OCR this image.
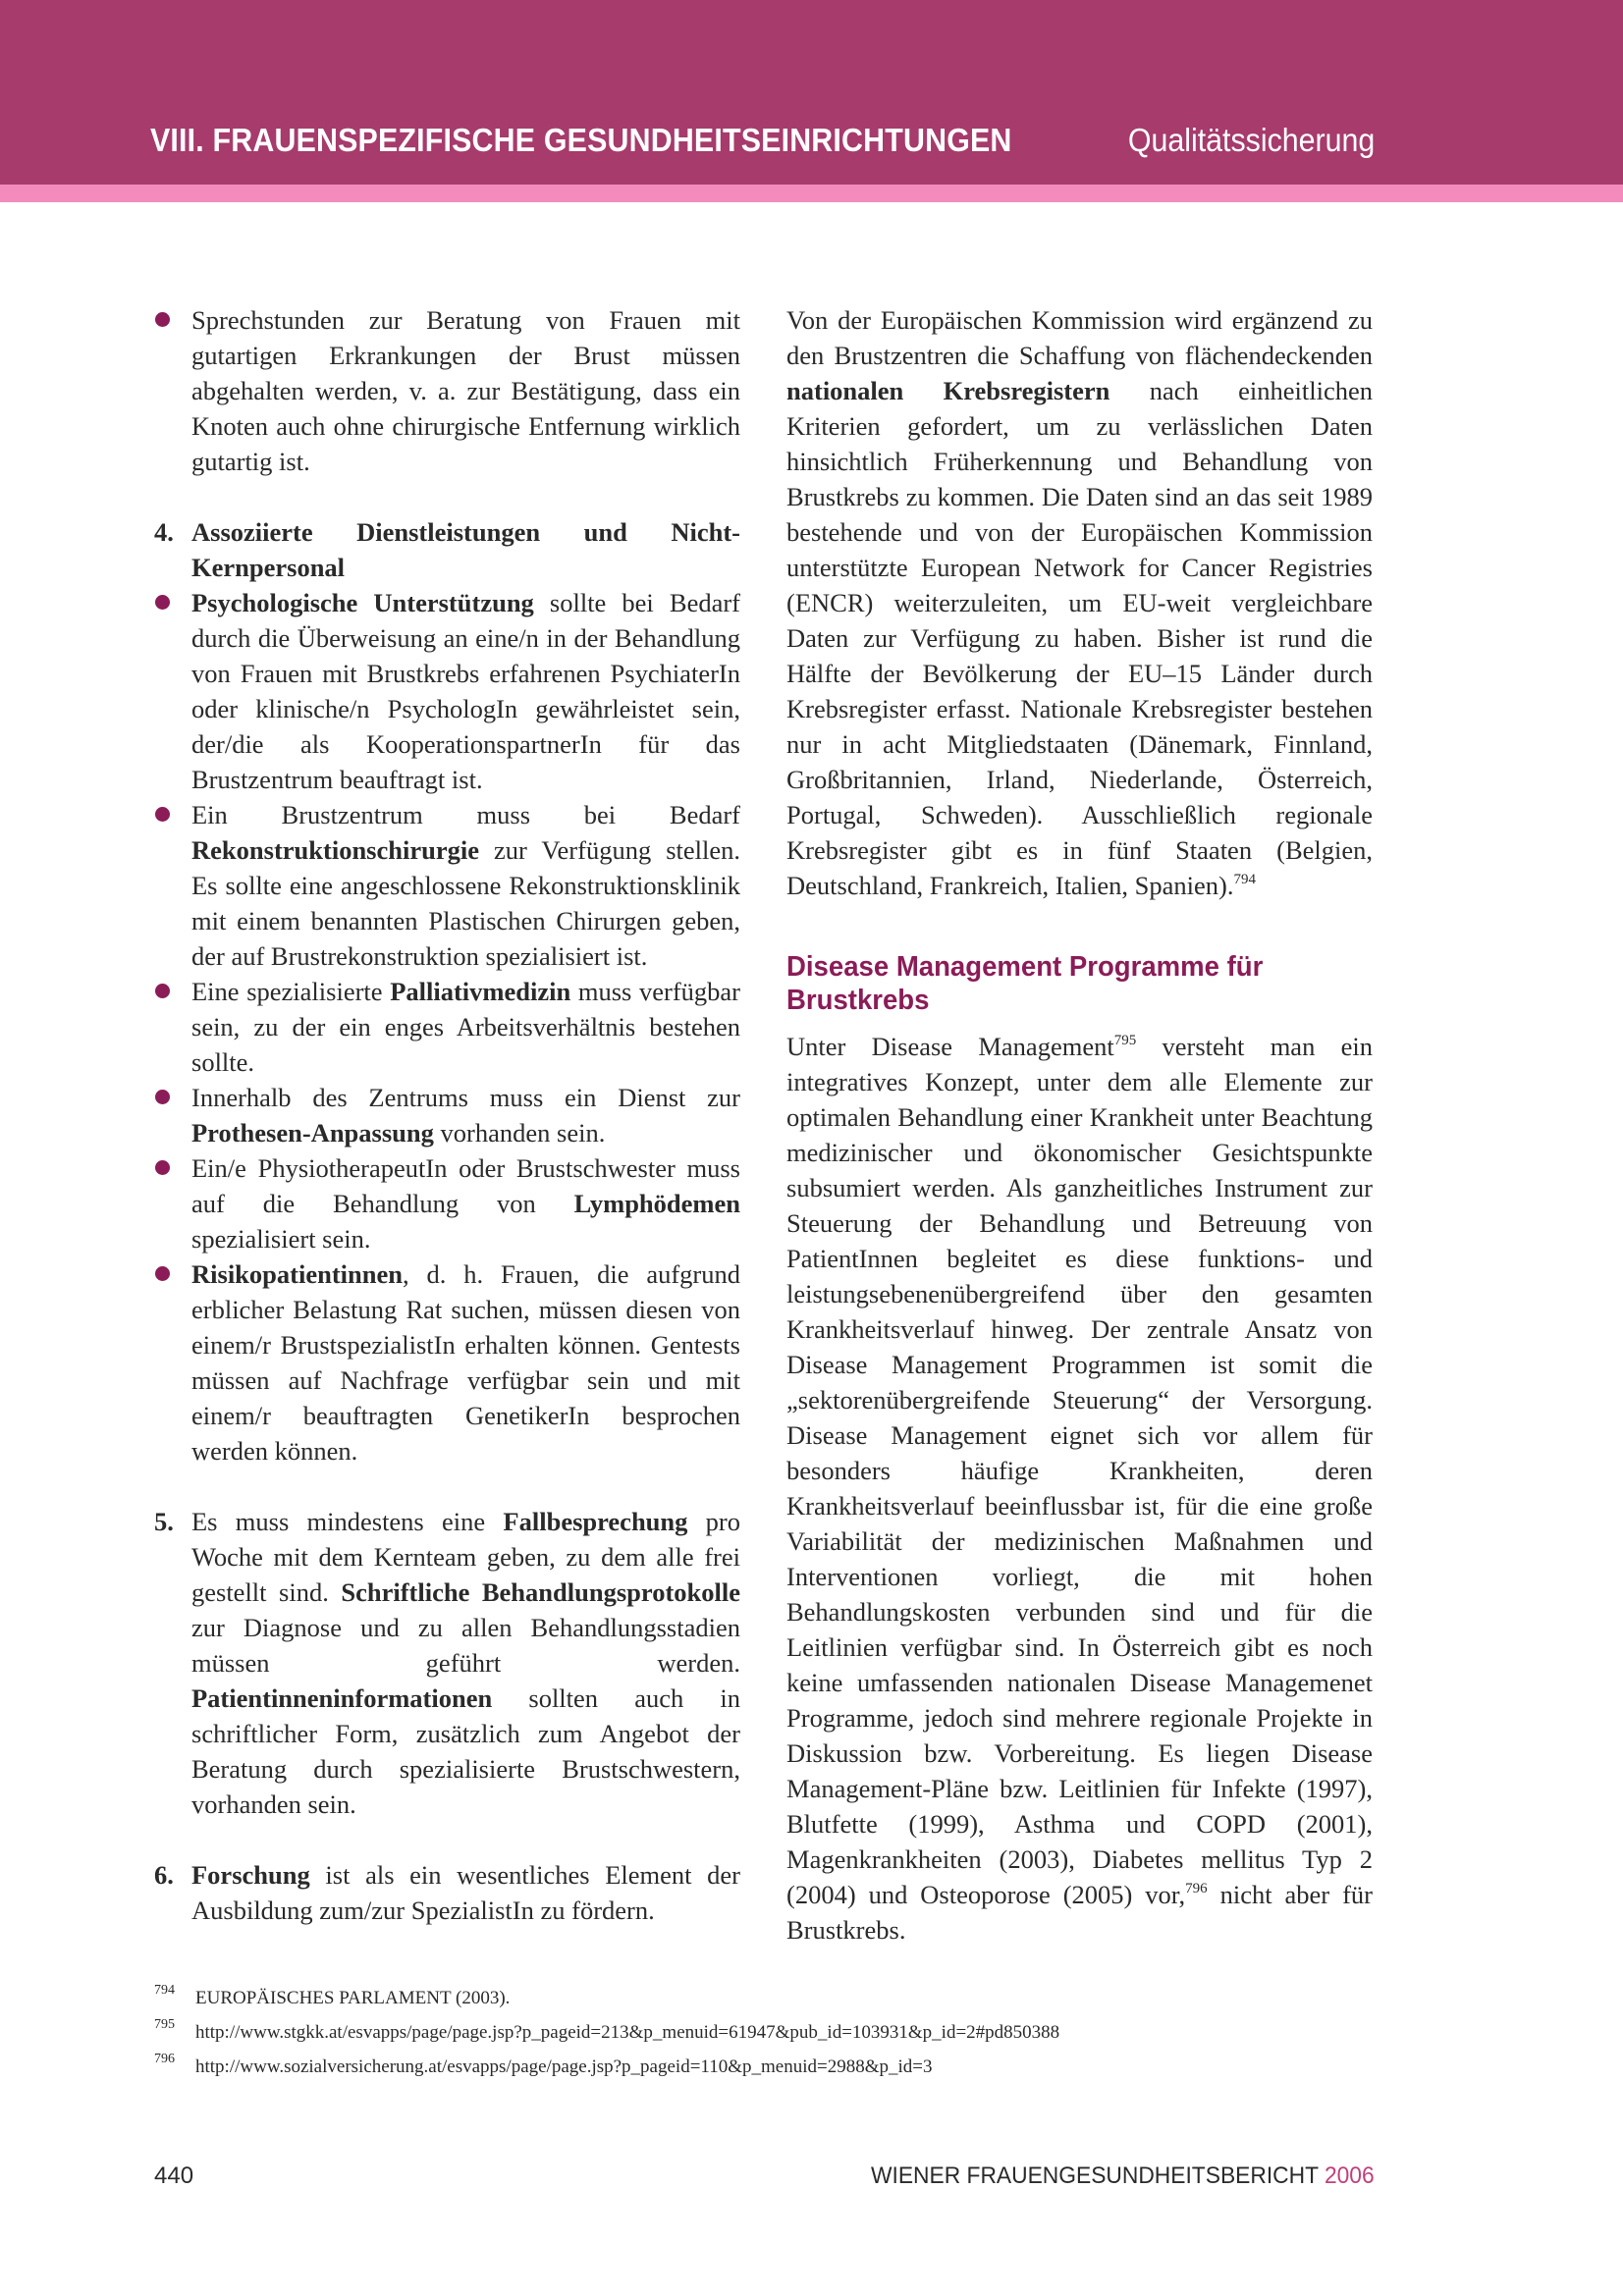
VIII. FRAUENSPEZIFISCHE GESUNDHEITSEINRICHTUNGEN	Qualitätssicherung
Sprechstunden zur Beratung von Frauen mit gutartigen Erkrankungen der Brust müssen abgehalten werden, v. a. zur Bestätigung, dass ein Knoten auch ohne chirurgische Entfernung wirklich gutartig ist.
4. Assoziierte Dienstleistungen und Nicht-Kernpersonal
Psychologische Unterstützung sollte bei Bedarf durch die Überweisung an eine/n in der Behandlung von Frauen mit Brustkrebs erfahrenen PsychiaterIn oder klinische/n PsychologIn gewährleistet sein, der/die als KooperationspartnerIn für das Brustzentrum beauftragt ist.
Ein Brustzentrum muss bei Bedarf Rekonstruktionschirurgie zur Verfügung stellen. Es sollte eine angeschlossene Rekonstruktionsklinik mit einem benannten Plastischen Chirurgen geben, der auf Brustrekonstruktion spezialisiert ist.
Eine spezialisierte Palliativmedizin muss verfügbar sein, zu der ein enges Arbeitsverhältnis bestehen sollte.
Innerhalb des Zentrums muss ein Dienst zur Prothesen-Anpassung vorhanden sein.
Ein/e PhysiotherapeutIn oder Brustschwester muss auf die Behandlung von Lymphödemen spezialisiert sein.
Risikopatientinnen, d. h. Frauen, die aufgrund erblicher Belastung Rat suchen, müssen diesen von einem/r BrustspezialistIn erhalten können. Gentests müssen auf Nachfrage verfügbar sein und mit einem/r beauftragten GenetikerIn besprochen werden können.
5. Es muss mindestens eine Fallbesprechung pro Woche mit dem Kernteam geben, zu dem alle frei gestellt sind. Schriftliche Behandlungsprotokolle zur Diagnose und zu allen Behandlungsstadien müssen geführt werden. Patientinneninformationen sollten auch in schriftlicher Form, zusätzlich zum Angebot der Beratung durch spezialisierte Brustschwestern, vorhanden sein.
6. Forschung ist als ein wesentliches Element der Ausbildung zum/zur SpezialistIn zu fördern.

Von der Europäischen Kommission wird ergänzend zu den Brustzentren die Schaffung von flächendeckenden nationalen Krebsregistern nach einheitlichen Kriterien gefordert, um zu verlässlichen Daten hinsichtlich Früherkennung und Behandlung von Brustkrebs zu kommen. Die Daten sind an das seit 1989 bestehende und von der Europäischen Kommission unterstützte European Network for Cancer Registries (ENCR) weiterzuleiten, um EU-weit vergleichbare Daten zur Verfügung zu haben. Bisher ist rund die Hälfte der Bevölkerung der EU–15 Länder durch Krebsregister erfasst. Nationale Krebsregister bestehen nur in acht Mitgliedstaaten (Dänemark, Finnland, Großbritannien, Irland, Niederlande, Österreich, Portugal, Schweden). Ausschließlich regionale Krebsregister gibt es in fünf Staaten (Belgien, Deutschland, Frankreich, Italien, Spanien).$^{794}$

Disease Management Programme für Brustkrebs

Unter Disease Management$^{795}$ versteht man ein integratives Konzept, unter dem alle Elemente zur optimalen Behandlung einer Krankheit unter Beachtung medizinischer und ökonomischer Gesichtspunkte subsumiert werden. Als ganzheitliches Instrument zur Steuerung der Behandlung und Betreuung von PatientInnen begleitet es diese funktions- und leistungsebenenübergreifend über den gesamten Krankheitsverlauf hinweg. Der zentrale Ansatz von Disease Management Programmen ist somit die „sektorenübergreifende Steuerung“ der Versorgung. Disease Management eignet sich vor allem für besonders häufige Krankheiten, deren Krankheitsverlauf beeinflussbar ist, für die eine große Variabilität der medizinischen Maßnahmen und Interventionen vorliegt, die mit hohen Behandlungskosten verbunden sind und für die Leitlinien verfügbar sind. In Österreich gibt es noch keine umfassenden nationalen Disease Managemenet Programme, jedoch sind mehrere regionale Projekte in Diskussion bzw. Vorbereitung. Es liegen Disease Management-Pläne bzw. Leitlinien für Infekte (1997), Blutfette (1999), Asthma und COPD (2001), Magenkrankheiten (2003), Diabetes mellitus Typ 2 (2004) und Osteoporose (2005) vor,$^{796}$ nicht aber für Brustkrebs.

794 EUROPÄISCHES PARLAMENT (2003).
795 http://www.stgkk.at/esvapps/page/page.jsp?p_pageid=213&p_menuid=61947&pub_id=103931&p_id=2#pd850388
796 http://www.sozialversicherung.at/esvapps/page/page.jsp?p_pageid=110&p_menuid=2988&p_id=3
440	WIENER FRAUENGESUNDHEITSBERICHT 2006
